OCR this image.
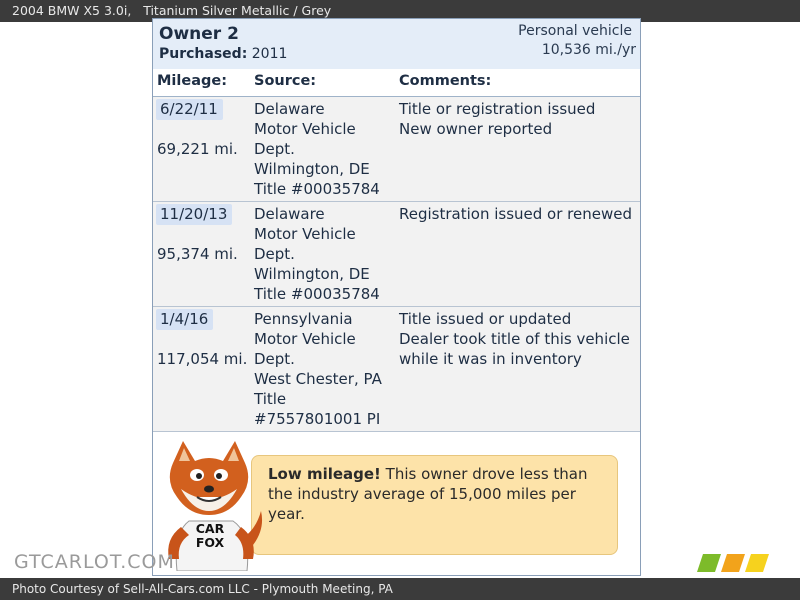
2004 BMW X5 3.0i,   Titanium Silver Metallic / Grey
Owner 2
Purchased: 2011
Personal vehicle
10,536 mi./yr
Mileage: Source:	Comments:
6/22/11
69,221 mi.
Delaware
Motor Vehicle
Dept.
Wilmington, DE
Title #00035784
Title or registration issued
New owner reported
11/20/13
95,374 mi.
Delaware
Motor Vehicle
Dept.
Wilmington, DE
Title #00035784
Registration issued or renewed
1/4/16
117,054 mi.
Pennsylvania
Motor Vehicle
Dept.
West Chester, PA
Title
#7557801001 PI
Title issued or updated
Dealer took title of this vehicle
while it was in inventory
Low mileage! This owner drove less than the industry average of 15,000 miles per year.
CAR
FOX
GTCARLOT.COM
Photo Courtesy of Sell-All-Cars.com LLC - Plymouth Meeting, PA
